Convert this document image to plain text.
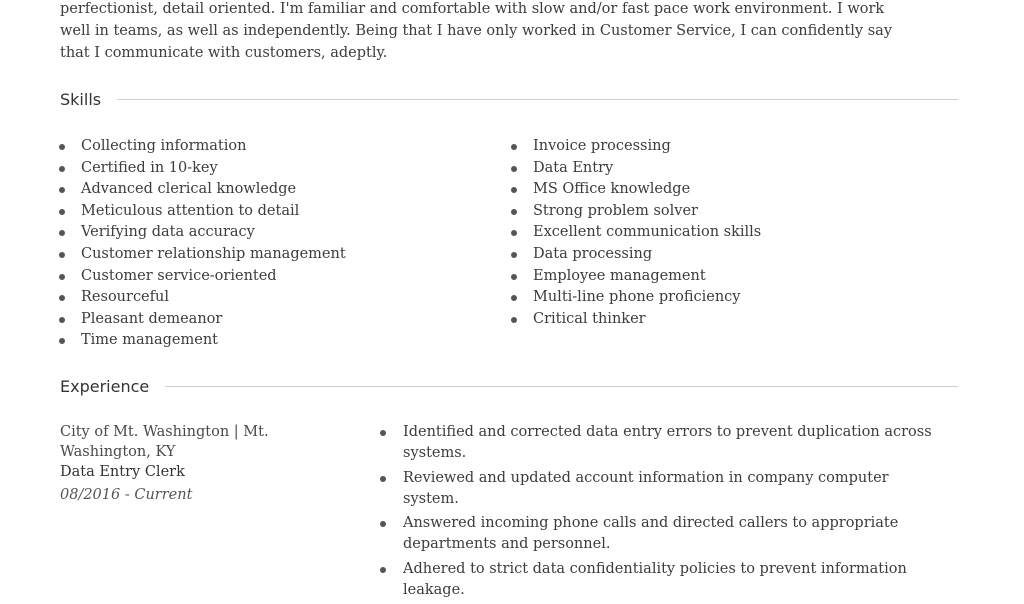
perfectionist, detail oriented. I'm familiar and comfortable with slow and/or fast pace work environment. I work
well in teams, as well as independently. Being that I have only worked in Customer Service, I can confidently say
that I communicate with customers, adeptly.
Skills
Collecting information
Certified in 10-key
Advanced clerical knowledge
Meticulous attention to detail
Verifying data accuracy
Customer relationship management
Customer service-oriented
Resourceful
Pleasant demeanor
Time management
Invoice processing
Data Entry
MS Office knowledge
Strong problem solver
Excellent communication skills
Data processing
Employee management
Multi-line phone proficiency
Critical thinker
Experience
City of Mt. Washington | Mt. Washington, KY
Data Entry Clerk
08/2016 - Current
Identified and corrected data entry errors to prevent duplication across systems.
Reviewed and updated account information in company computer system.
Answered incoming phone calls and directed callers to appropriate departments and personnel.
Adhered to strict data confidentiality policies to prevent information leakage.
